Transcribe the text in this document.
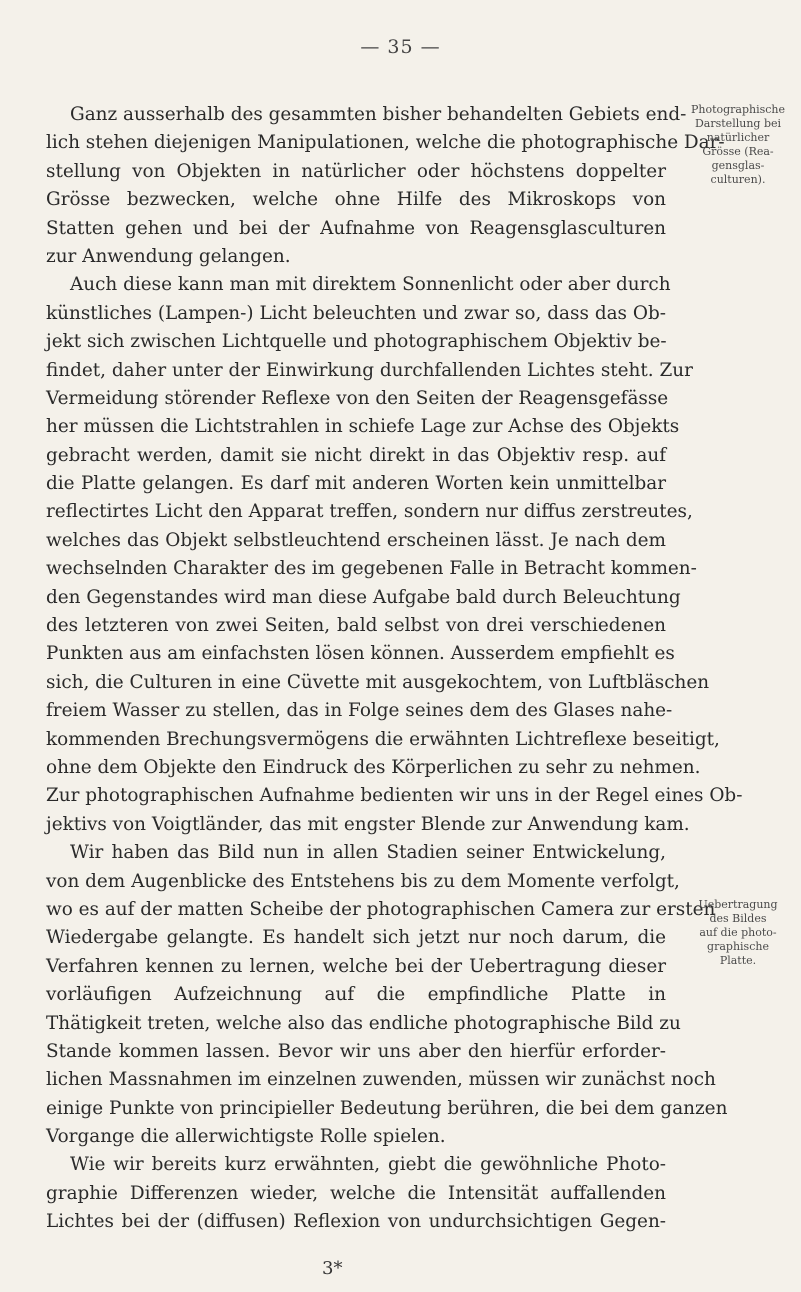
— 35 —
Ganz ausserhalb des gesammten bisher behandelten Gebiets end-
lich stehen diejenigen Manipulationen, welche die photographische Dar-
stellung von Objekten in natürlicher oder höchstens doppelter
Grösse bezwecken, welche ohne Hilfe des Mikroskops von
Statten gehen und bei der Aufnahme von Reagensglasculturen
zur Anwendung gelangen.
Auch diese kann man mit direktem Sonnenlicht oder aber durch
künstliches (Lampen-) Licht beleuchten und zwar so, dass das Ob-
jekt sich zwischen Lichtquelle und photographischem Objektiv be-
findet, daher unter der Einwirkung durchfallenden Lichtes steht. Zur
Vermeidung störender Reflexe von den Seiten der Reagensgefässe
her müssen die Lichtstrahlen in schiefe Lage zur Achse des Objekts
gebracht werden, damit sie nicht direkt in das Objektiv resp. auf
die Platte gelangen. Es darf mit anderen Worten kein unmittelbar
reflectirtes Licht den Apparat treffen, sondern nur diffus zerstreutes,
welches das Objekt selbstleuchtend erscheinen lässt. Je nach dem
wechselnden Charakter des im gegebenen Falle in Betracht kommen-
den Gegenstandes wird man diese Aufgabe bald durch Beleuchtung
des letzteren von zwei Seiten, bald selbst von drei verschiedenen
Punkten aus am einfachsten lösen können. Ausserdem empfiehlt es
sich, die Culturen in eine Cüvette mit ausgekochtem, von Luftbläschen
freiem Wasser zu stellen, das in Folge seines dem des Glases nahe-
kommenden Brechungsvermögens die erwähnten Lichtreflexe beseitigt,
ohne dem Objekte den Eindruck des Körperlichen zu sehr zu nehmen.
Zur photographischen Aufnahme bedienten wir uns in der Regel eines Ob-
jektivs von Voigtländer, das mit engster Blende zur Anwendung kam.
Wir haben das Bild nun in allen Stadien seiner Entwickelung,
von dem Augenblicke des Entstehens bis zu dem Momente verfolgt,
wo es auf der matten Scheibe der photographischen Camera zur ersten
Wiedergabe gelangte. Es handelt sich jetzt nur noch darum, die
Verfahren kennen zu lernen, welche bei der Uebertragung dieser
vorläufigen Aufzeichnung auf die empfindliche Platte in
Thätigkeit treten, welche also das endliche photographische Bild zu
Stande kommen lassen. Bevor wir uns aber den hierfür erforder-
lichen Massnahmen im einzelnen zuwenden, müssen wir zunächst noch
einige Punkte von principieller Bedeutung berühren, die bei dem ganzen
Vorgange die allerwichtigste Rolle spielen.
Wie wir bereits kurz erwähnten, giebt die gewöhnliche Photo-
graphie Differenzen wieder, welche die Intensität auffallenden
Lichtes bei der (diffusen) Reflexion von undurchsichtigen Gegen-
Photographische
Darstellung bei
natürlicher
Grösse (Rea-
gensglas-
culturen).
Uebertragung
des Bildes
auf die photo-
graphische
Platte.
3*
